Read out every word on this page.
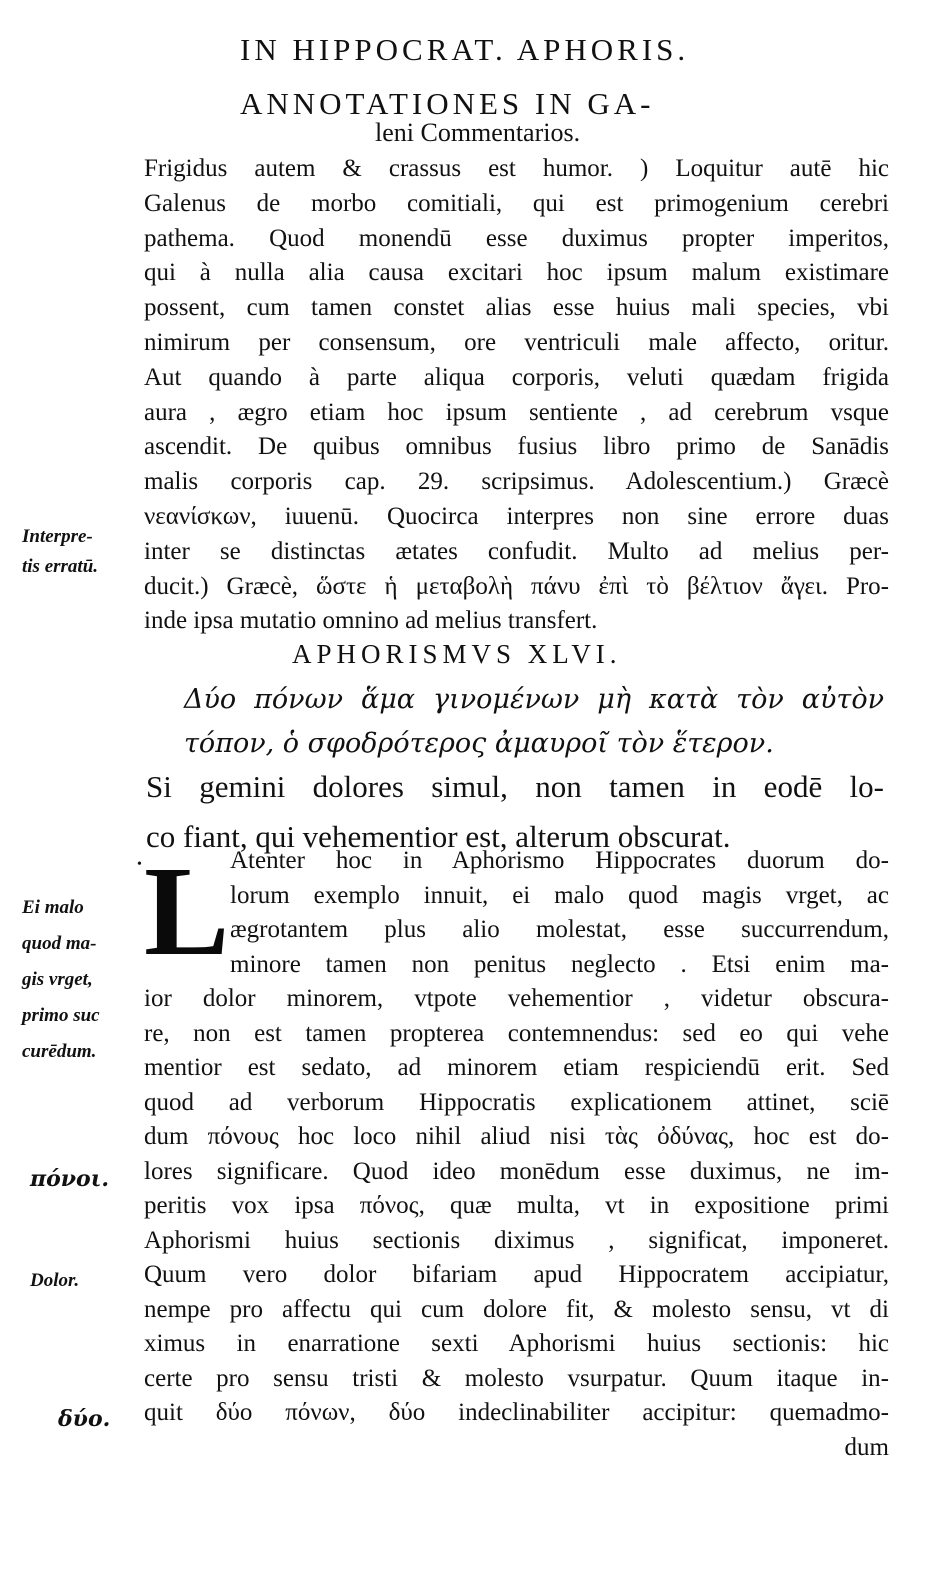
IN HIPPOCRAT. APHORIS.
ANNOTATIONES IN GA-
leni Commentarios.
Frigidus autem & crassus est humor. ) Loquitur autē hic
Galenus de morbo comitiali, qui est primogenium cerebri
pathema. Quod monendū esse duximus propter imperitos,
qui à nulla alia causa excitari hoc ipsum malum existimare
possent, cum tamen constet alias esse huius mali species, vbi
nimirum per consensum, ore ventriculi male affecto, oritur.
Aut quando à parte aliqua corporis, veluti quædam frigida
aura , ægro etiam hoc ipsum sentiente , ad cerebrum vsque
ascendit. De quibus omnibus fusius libro primo de Sanādis
malis corporis cap. 29. scripsimus. Adolescentium.) Græcè
νεανίσκων, iuuenū. Quocirca interpres non sine errore duas
inter se distinctas ætates confudit. Multo ad melius per-
ducit.) Græcè, ὥστε ἡ μεταβολὴ πάνυ ἐπὶ τὸ βέλτιον ἄγει. Pro-
inde ipsa mutatio omnino ad melius transfert.
Interpre-
tis erratū.
APHORISMVS XLVI.
Δύο πόνων ἅμα γινομένων μὴ κατὰ τὸν αὐτὸν
τόπον, ὁ σφοδρότερος ἀμαυροῖ τὸν ἕτερον.
Si gemini dolores simul, non tamen in eodē lo-
co fiant, qui vehementior est, alterum obscurat.
• L Atenter hoc in Aphorismo Hippocrates duorum do-
lorum exemplo innuit, ei malo quod magis vrget, ac
ægrotantem plus alio molestat, esse succurrendum,
minore tamen non penitus neglecto . Etsi enim ma-
ior dolor minorem, vtpote vehementior , videtur obscura-
re, non est tamen propterea contemnendus: sed eo qui vehe
mentior est sedato, ad minorem etiam respiciendū erit. Sed
quod ad verborum Hippocratis explicationem attinet, sciē
dum πόνους hoc loco nihil aliud nisi τὰς ὀδύνας, hoc est do-
lores significare. Quod ideo monēdum esse duximus, ne im-
peritis vox ipsa πόνος, quæ multa, vt in expositione primi
Aphorismi huius sectionis diximus , significat, imponeret.
Quum vero dolor bifariam apud Hippocratem accipiatur,
nempe pro affectu qui cum dolore fit, & molesto sensu, vt di
ximus in enarratione sexti Aphorismi huius sectionis: hic
certe pro sensu tristi & molesto vsurpatur. Quum itaque in-
quit δύο πόνων, δύο indeclinabiliter accipitur: quemadmo-
dum
Ei malo
quod ma-
gis vrget,
primo suc
curēdum.
πόνοι.
Dolor.
δύο.
